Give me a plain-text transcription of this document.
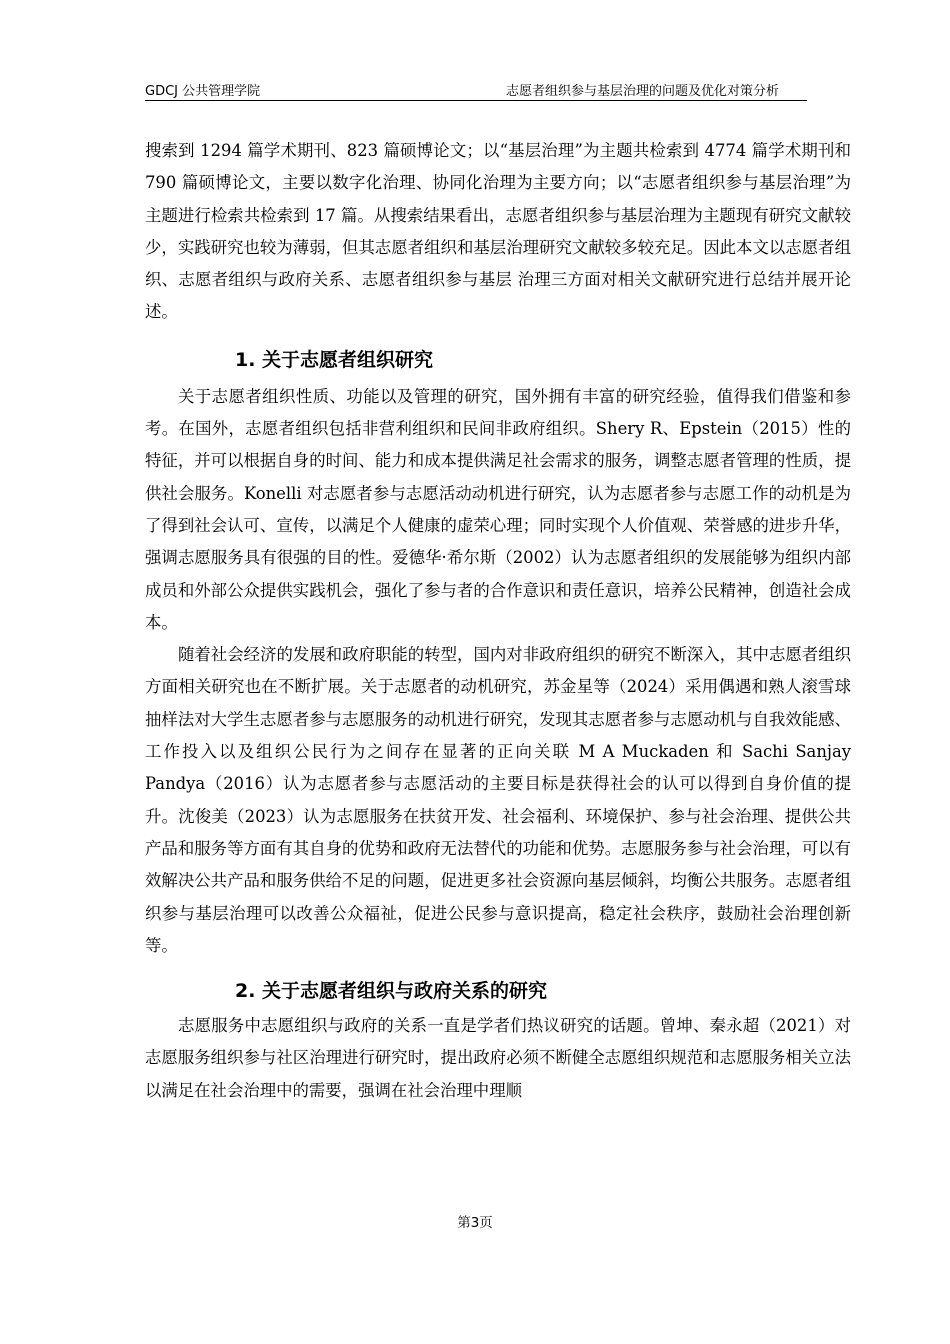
GDCJ 公共管理学院	志愿者组织参与基层治理的问题及优化对策分析

搜索到 1294 篇学术期刊、823 篇硕博论文；以“基层治理”为主题共检索到 4774 篇学术期刊和 790 篇硕博论文，主要以数字化治理、协同化治理为主要方向；以“志愿者组织参与基层治理”为主题进行检索共检索到 17 篇。从搜索结果看出，志愿者组织参与基层治理为主题现有研究文献较少，实践研究也较为薄弱，但其志愿者组织和基层治理研究文献较多较充足。因此本文以志愿者组织、志愿者组织与政府关系、志愿者组织参与基层 治理三方面对相关文献研究进行总结并展开论述。

1. 关于志愿者组织研究

关于志愿者组织性质、功能以及管理的研究，国外拥有丰富的研究经验，值得我们借鉴和参考。在国外，志愿者组织包括非营利组织和民间非政府组织。Shery R、Epstein（2015）性的特征，并可以根据自身的时间、能力和成本提供满足社会需求的服务，调整志愿者管理的性质，提供社会服务。Konelli 对志愿者参与志愿活动动机进行研究，认为志愿者参与志愿工作的动机是为了得到社会认可、宣传，以满足个人健康的虚荣心理；同时实现个人价值观、荣誉感的进步升华，强调志愿服务具有很强的目的性。爱德华·希尔斯（2002）认为志愿者组织的发展能够为组织内部成员和外部公众提供实践机会，强化了参与者的合作意识和责任意识，培养公民精神，创造社会成本。

随着社会经济的发展和政府职能的转型，国内对非政府组织的研究不断深入，其中志愿者组织方面相关研究也在不断扩展。关于志愿者的动机研究，苏金星等（2024）采用偶遇和熟人滚雪球抽样法对大学生志愿者参与志愿服务的动机进行研究，发现其志愿者参与志愿动机与自我效能感、工作投入以及组织公民行为之间存在显著的正向关联 M A Muckaden 和 Sachi Sanjay Pandya（2016）认为志愿者参与志愿活动的主要目标是获得社会的认可以得到自身价值的提升。沈俊美（2023）认为志愿服务在扶贫开发、社会福利、环境保护、参与社会治理、提供公共产品和服务等方面有其自身的优势和政府无法替代的功能和优势。志愿服务参与社会治理，可以有效解决公共产品和服务供给不足的问题，促进更多社会资源向基层倾斜，均衡公共服务。志愿者组织参与基层治理可以改善公众福祉，促进公民参与意识提高，稳定社会秩序，鼓励社会治理创新等。

2. 关于志愿者组织与政府关系的研究

志愿服务中志愿组织与政府的关系一直是学者们热议研究的话题。曾坤、秦永超（2021）对志愿服务组织参与社区治理进行研究时，提出政府必须不断健全志愿组织规范和志愿服务相关立法以满足在社会治理中的需要，强调在社会治理中理顺

第3页
